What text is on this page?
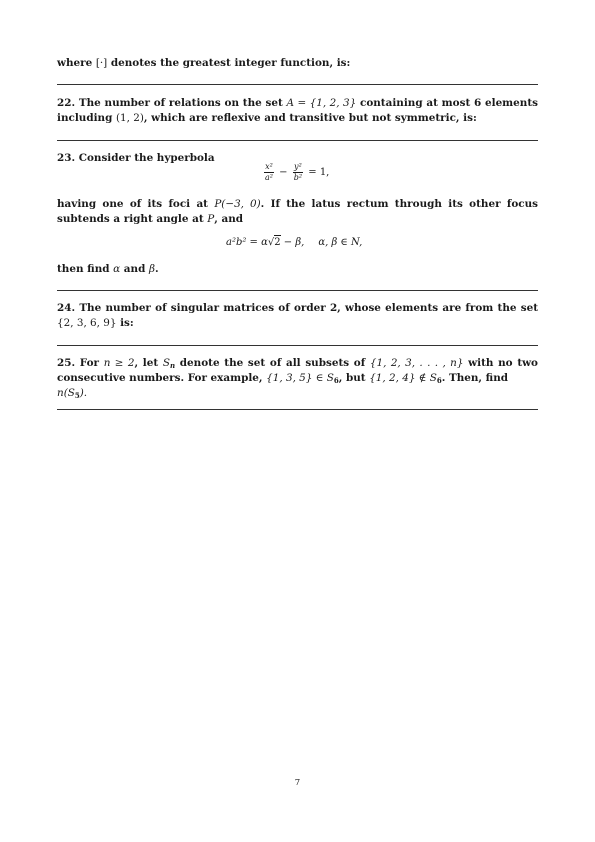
where [·] denotes the greatest integer function, is:
22. The number of relations on the set A = {1, 2, 3} containing at most 6 elements
including (1, 2), which are reflexive and transitive but not symmetric, is:
23. Consider the hyperbola
$\frac{\text{x²}}{\text{a²}} - \frac{\text{y²}}{\text{b²}} = 1$,
having one of its foci at P(−3, 0). If the latus rectum through its other focus
subtends a right angle at P, and
a²b² = α√2 − β, α, β ∈ N,
then find α and β.
24. The number of singular matrices of order 2, whose elements are from the set
{2, 3, 6, 9} is:
25. For n ≥ 2, let $S_n$ denote the set of all subsets of {1, 2, 3, . . . , n} with no two
consecutive numbers. For example, {1, 3, 5} ∈ $S_6$, but {1, 2, 4} ∉ $S_6$. Then, find $n(S_5)$.
7
